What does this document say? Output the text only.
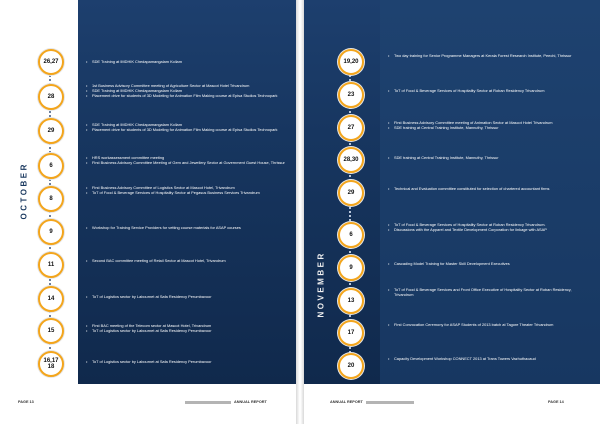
OCTOBER
26,27	• SDE Training at IMDHIK Chedapamangalam Kollam
28
• 1st Business Advisory Committee meeting of Agriculture Sector at Mascot Hotel Trivandrum
• SDE Training at IMDHIK Chedapamangalam Kollam
• Placement drive for students of 3D Modeling for Animation Film Making course at Episa Studios Technopark
29
• SDE Training at IMDHIK Chedapamangalam Kollam
• Placement drive for students of 3D Modeling for Animation Film Making course at Episa Studios Technopark
6
• HRS workassessment committee meeting
• First Business Advisory Committee Meeting of Gem and Jewellery Sector at Government Guest House, Thrissur
8
• First Business Advisory Committee of Logistics Sector at Mascot Hotel, Trivandrum
• ToT of Food & Beverage Services of Hospitality Sector at Pegasus Business Services Trivandrum
9
• Workshop for Training Service Providers for vetting course materials for ASAP courses
11
• Second BAC committee meeting of Retail Sector at Mascot Hotel, Trivandrum
14	• ToT of Logistics sector by Labournet at Safa Residency Perumbavoor
15
• First BAC meeting of the Telecom sector at Mascot Hotel, Trivandrum
• ToT of Logistics sector by Labournet at Safa Residency Perumbavoor
16,17 18
• ToT of Logistics sector by Labournet at Safa Residency Perumbavoor
PAGE 13	ANNUAL REPORT
NOVEMBER
19,20
• Two day training for Senior Programme Managers at Kerala Forest Research Institute, Peechi, Thrissur
23
• ToT of Food & Beverage Services of Hospitality Sector at Roban Residency Trivandrum
27
• First Business Advisory Committee meeting of Animation Sector at Mascot Hotel Trivandrum
• SDE training at Central Training Institute, Mannuthy, Thrissur
28,30	• SDE training at Central Training Institute, Mannuthy, Thrissur
29
• Technical and Evaluation committee constituted for selection of chartered accountant firms
6
• ToT of Food & Beverage Services of Hospitality Sector at Roban Residency Trivandrum.
• Discussions with the Apparel and Textile Development Corporation for linkage with ASAP
9
• Cascading Model Training for Master Skill Development Executives
13
• ToT of Food & Beverage Services and Front Office Executive of Hospitality Sector at Roban Residency, Trivandrum
17
• First Convocation Ceremony for ASAP Students of 2013 batch at Tagore Theater Trivandrum
20
• Capacity Development Workshop CONNECT 2013 at Trans Towers Vazhuthacaud
ANNUAL REPORT	PAGE 14
